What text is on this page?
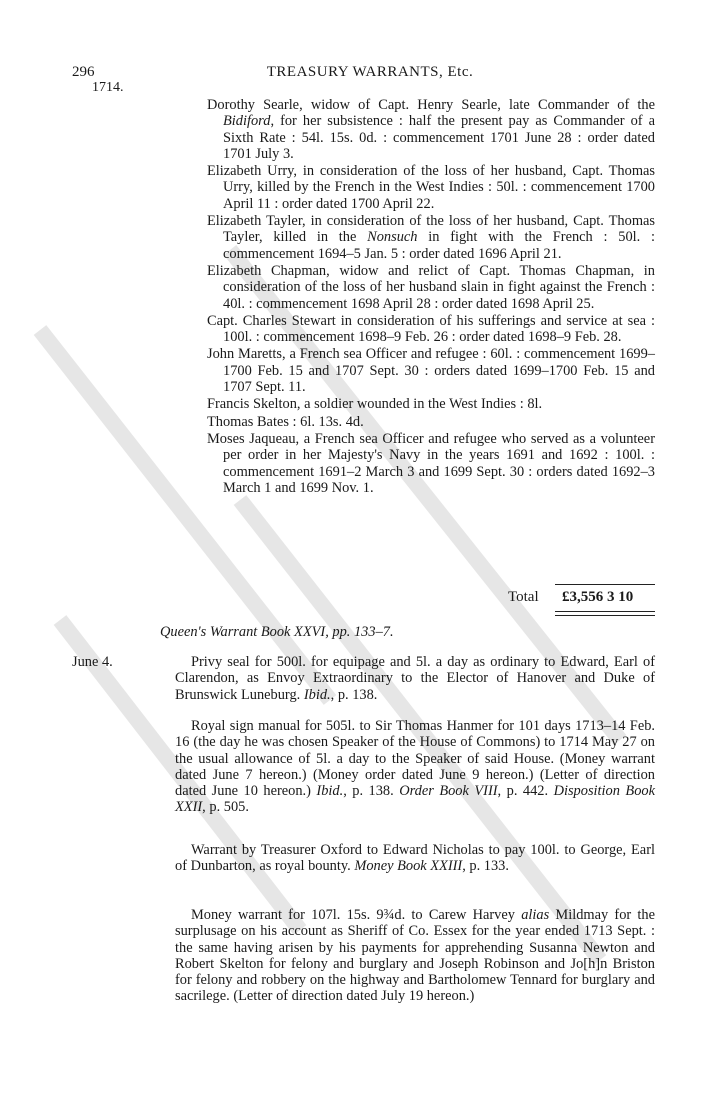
296	TREASURY WARRANTS, Etc.
1714.
Dorothy Searle, widow of Capt. Henry Searle, late Commander of the Bidiford, for her subsistence : half the present pay as Commander of a Sixth Rate : 54l. 15s. 0d. : commencement 1701 June 28 : order dated 1701 July 3.
Elizabeth Urry, in consideration of the loss of her husband, Capt. Thomas Urry, killed by the French in the West Indies : 50l. : commencement 1700 April 11 : order dated 1700 April 22.
Elizabeth Tayler, in consideration of the loss of her husband, Capt. Thomas Tayler, killed in the Nonsuch in fight with the French : 50l. : commencement 1694–5 Jan. 5 : order dated 1696 April 21.
Elizabeth Chapman, widow and relict of Capt. Thomas Chapman, in consideration of the loss of her husband slain in fight against the French : 40l. : commencement 1698 April 28 : order dated 1698 April 25.
Capt. Charles Stewart in consideration of his sufferings and service at sea : 100l. : commencement 1698–9 Feb. 26 : order dated 1698–9 Feb. 28.
John Maretts, a French sea Officer and refugee : 60l. : commencement 1699–1700 Feb. 15 and 1707 Sept. 30 : orders dated 1699–1700 Feb. 15 and 1707 Sept. 11.
Francis Skelton, a soldier wounded in the West Indies : 8l.
Thomas Bates : 6l. 13s. 4d.
Moses Jaqueau, a French sea Officer and refugee who served as a volunteer per order in her Majesty's Navy in the years 1691 and 1692 : 100l. : commencement 1691–2 March 3 and 1699 Sept. 30 : orders dated 1692–3 March 1 and 1699 Nov. 1.
Total £3,556 3 10
Queen's Warrant Book XXVI, pp. 133–7.
June 4.	Privy seal for 500l. for equipage and 5l. a day as ordinary to Edward, Earl of Clarendon, as Envoy Extraordinary to the Elector of Hanover and Duke of Brunswick Luneburg. Ibid., p. 138.

Royal sign manual for 505l. to Sir Thomas Hanmer for 101 days 1713–14 Feb. 16 (the day he was chosen Speaker of the House of Commons) to 1714 May 27 on the usual allowance of 5l. a day to the Speaker of said House. (Money warrant dated June 7 hereon.) (Money order dated June 9 hereon.) (Letter of direction dated June 10 hereon.) Ibid., p. 138. Order Book VIII, p. 442. Disposition Book XXII, p. 505.

Warrant by Treasurer Oxford to Edward Nicholas to pay 100l. to George, Earl of Dunbarton, as royal bounty. Money Book XXIII, p. 133.

Money warrant for 107l. 15s. 9¾d. to Carew Harvey alias Mildmay for the surplusage on his account as Sheriff of Co. Essex for the year ended 1713 Sept. : the same having arisen by his payments for apprehending Susanna Newton and Robert Skelton for felony and burglary and Joseph Robinson and Jo[h]n Briston for felony and robbery on the highway and Bartholomew Tennard for burglary and sacrilege. (Letter of direction dated July 19 hereon.)
